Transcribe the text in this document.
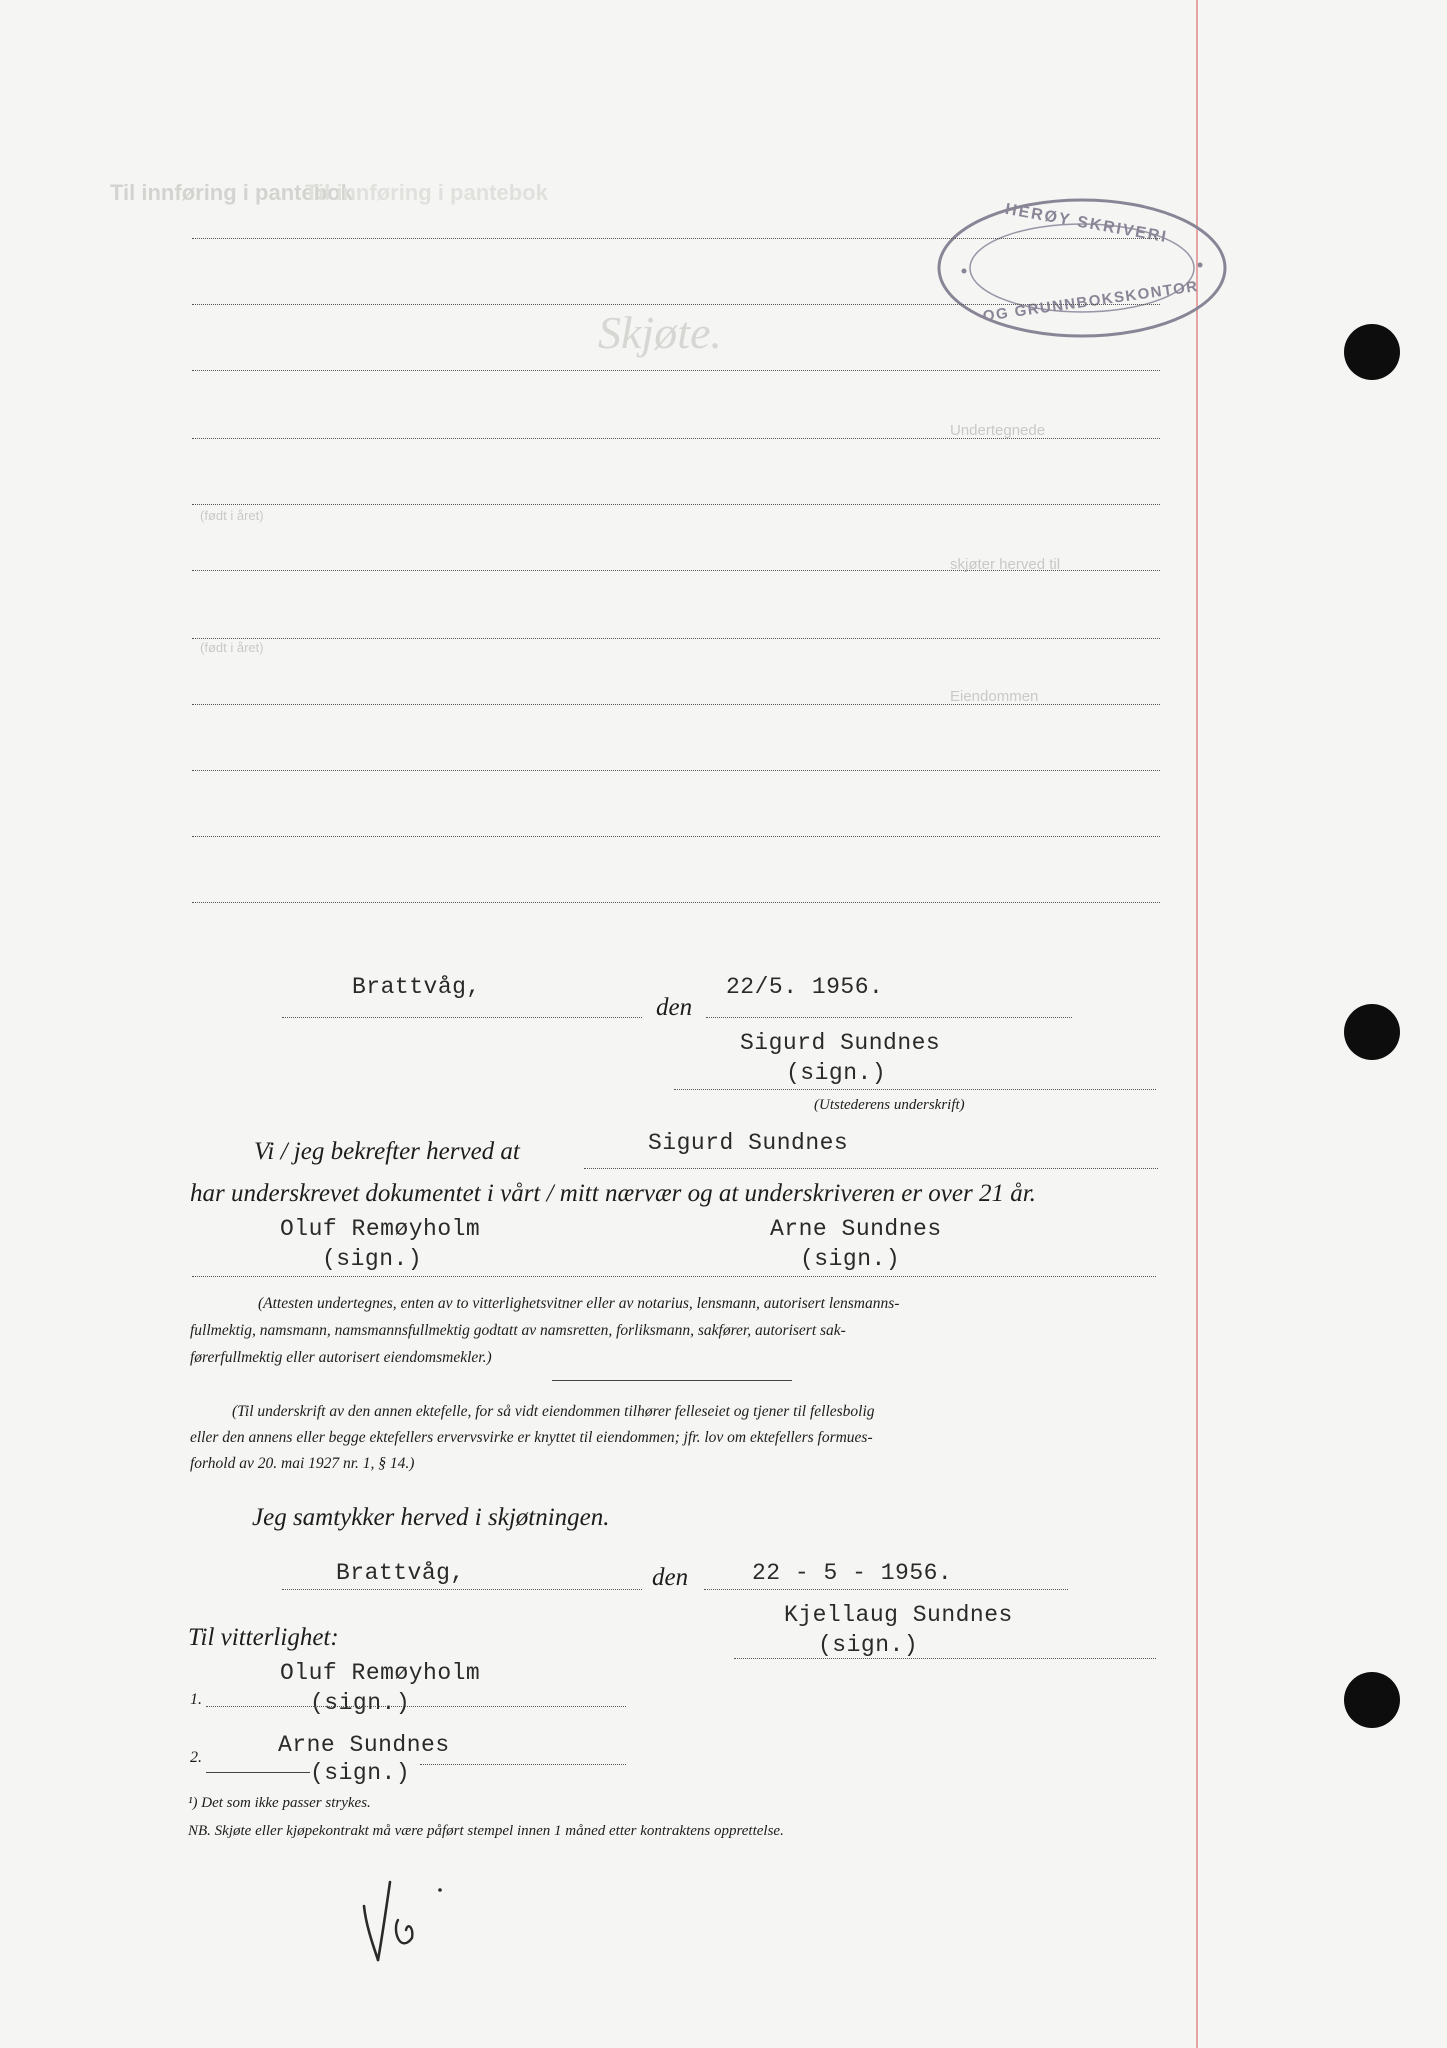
Til innføring i pantebok
Til innføring i pantebok
HERØY SKRIVERI
OG GRUNNBOKSKONTOR
Skjøte.
Undertegnede
(født i året)
skjøter herved til
(født i året)
Eiendommen
Brattvåg,
den
22/5. 1956.
Sigurd Sundnes
(sign.)
(Utstederens underskrift)
Vi / jeg bekrefter herved at	Sigurd Sundnes
har underskrevet dokumentet i vårt / mitt nærvær og at underskriveren er over 21 år.
Oluf Remøyholm
(sign.)
Arne Sundnes
(sign.)
(Attesten undertegnes, enten av to vitterlighetsvitner eller av notarius, lensmann, autorisert lensmanns-
fullmektig, namsmann, namsmannsfullmektig godtatt av namsretten, forliksmann, sakfører, autorisert sak-
førerfullmektig eller autorisert eiendomsmekler.)
(Til underskrift av den annen ektefelle, for så vidt eiendommen tilhører felleseiet og tjener til fellesbolig
eller den annens eller begge ektefellers ervervsvirke er knyttet til eiendommen; jfr. lov om ektefellers formues-
forhold av 20. mai 1927 nr. 1, § 14.)
Jeg samtykker herved i skjøtningen.
Brattvåg,	den	22 - 5 - 1956.
Kjellaug Sundnes
(sign.)
Til vitterlighet:
Oluf Remøyholm
1.	(sign.)
Arne Sundnes
2.
(sign.)
¹) Det som ikke passer strykes.
NB. Skjøte eller kjøpekontrakt må være påført stempel innen 1 måned etter kontraktens opprettelse.
